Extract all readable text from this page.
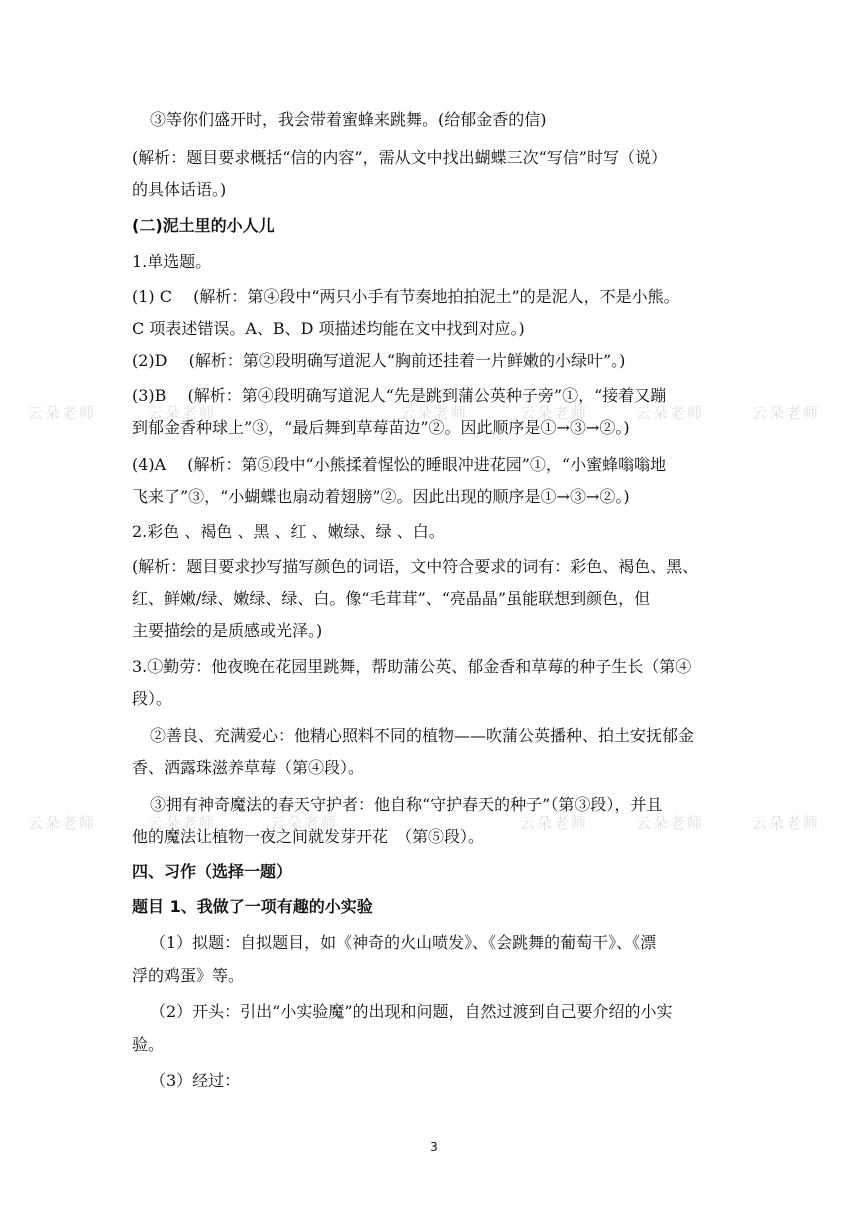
云朵老师	云朵老师	云朵老师	云朵老师	云朵老师	云朵老师
云朵老师	云朵老师	云朵老师	云朵老师	云朵老师	云朵老师
③等你们盛开时，我会带着蜜蜂来跳舞。(给郁金香的信)
(解析：题目要求概括“信的内容”，需从文中找出蝴蝶三次“写信”时写（说）
的具体话语。)
(二)泥土里的小人儿
1.单选题。
(1) C　 (解析：第④段中“两只小手有节奏地拍拍泥土”的是泥人，不是小熊。
C 项表述错误。A、B、D 项描述均能在文中找到对应。)
(2)D　 (解析：第②段明确写道泥人“胸前还挂着一片鲜嫩的小绿叶”。)
(3)B　 (解析：第④段明确写道泥人“先是跳到蒲公英种子旁”①，“接着又蹦
到郁金香种球上”③，“最后舞到草莓苗边”②。因此顺序是①→③→②。)
(4)A　 (解析：第⑤段中“小熊揉着惺忪的睡眼冲进花园”①，“小蜜蜂嗡嗡地
飞来了”③，“小蝴蝶也扇动着翅膀”②。因此出现的顺序是①→③→②。)
2.彩色 、褐色 、黑 、红 、嫩绿、绿 、白。
(解析：题目要求抄写描写颜色的词语，文中符合要求的词有：彩色、褐色、黑、
红、鲜嫩/绿、嫩绿、绿、白。像“毛茸茸”、“亮晶晶”虽能联想到颜色，但
主要描绘的是质感或光泽。)
3.①勤劳：他夜晚在花园里跳舞，帮助蒲公英、郁金香和草莓的种子生长（第④
段）。
②善良、充满爱心：他精心照料不同的植物——吹蒲公英播种、拍土安抚郁金
香、洒露珠滋养草莓（第④段）。
③拥有神奇魔法的春天守护者：他自称“守护春天的种子”（第③段），并且
他的魔法让植物一夜之间就发芽开花　（第⑤段）。
四、习作（选择一题）
题目 1、我做了一项有趣的小实验
（1）拟题：自拟题目，如《神奇的火山喷发》、《会跳舞的葡萄干》、《漂
浮的鸡蛋》等。
（2）开头：引出“小实验魔”的出现和问题，自然过渡到自己要介绍的小实
验。
（3）经过：
3
